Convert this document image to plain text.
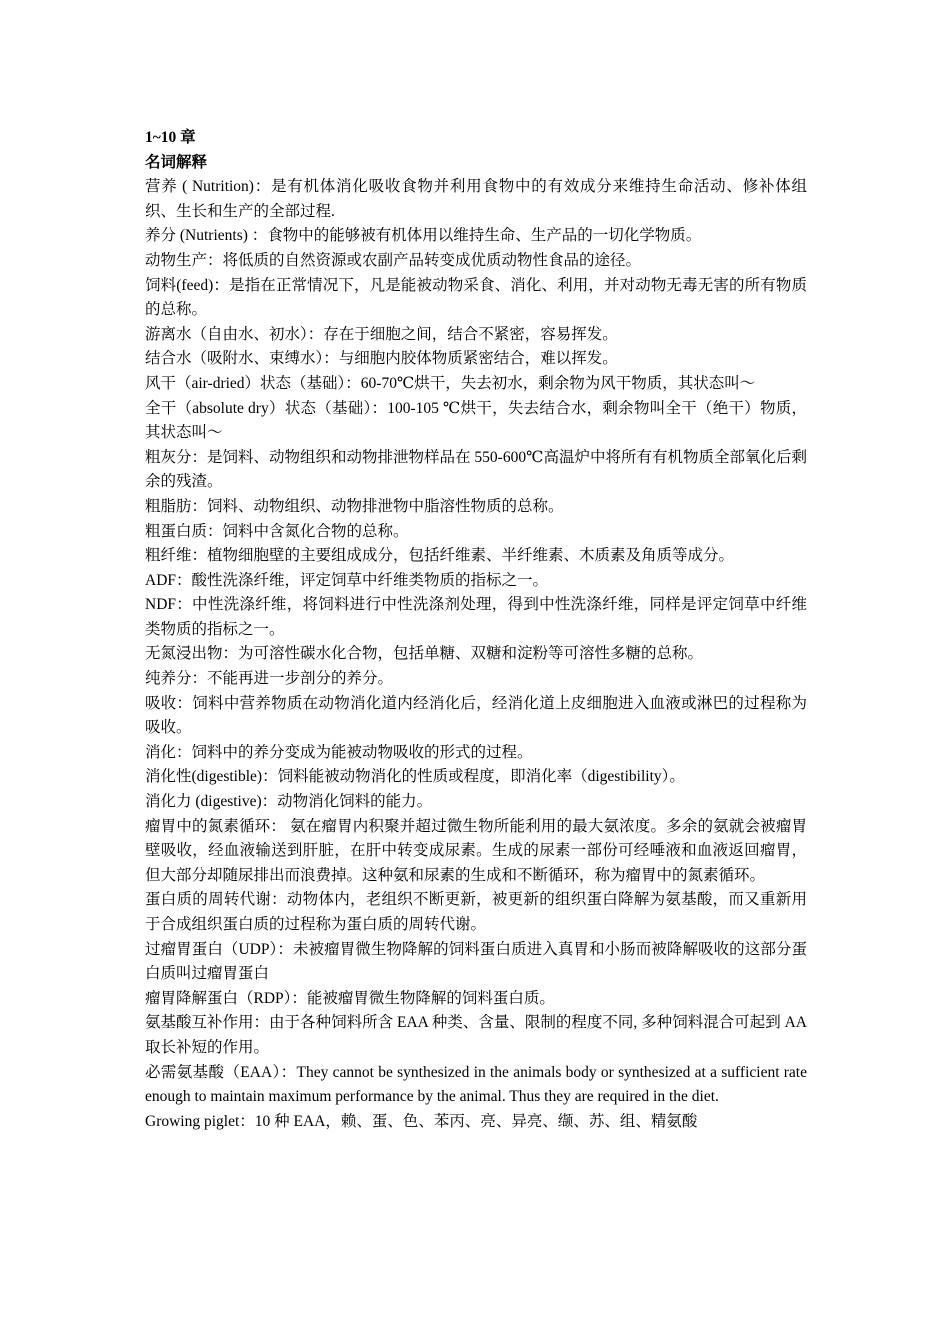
1~10 章

名词解释

营养 ( Nutrition)：是有机体消化吸收食物并利用食物中的有效成分来维持生命活动、修补体组织、生长和生产的全部过程.

养分 (Nutrients) ：食物中的能够被有机体用以维持生命、生产品的一切化学物质。

动物生产：将低质的自然资源或农副产品转变成优质动物性食品的途径。

饲料(feed)：是指在正常情况下，凡是能被动物采食、消化、利用，并对动物无毒无害的所有物质的总称。

游离水（自由水、初水）：存在于细胞之间，结合不紧密，容易挥发。

结合水（吸附水、束缚水）：与细胞内胶体物质紧密结合，难以挥发。

风干（air-dried）状态（基础）：60-70℃烘干，失去初水，剩余物为风干物质，其状态叫～

全干（absolute dry）状态（基础）：100-105 ℃烘干，失去结合水，剩余物叫全干（绝干）物质，其状态叫～

粗灰分：是饲料、动物组织和动物排泄物样品在 550-600℃高温炉中将所有有机物质全部氧化后剩余的残渣。

粗脂肪：饲料、动物组织、动物排泄物中脂溶性物质的总称。

粗蛋白质：饲料中含氮化合物的总称。

粗纤维：植物细胞壁的主要组成成分，包括纤维素、半纤维素、木质素及角质等成分。

ADF：酸性洗涤纤维，评定饲草中纤维类物质的指标之一。

NDF：中性洗涤纤维，将饲料进行中性洗涤剂处理，得到中性洗涤纤维，同样是评定饲草中纤维类物质的指标之一。

无氮浸出物：为可溶性碳水化合物，包括单糖、双糖和淀粉等可溶性多糖的总称。

纯养分：不能再进一步剖分的养分。

吸收：饲料中营养物质在动物消化道内经消化后，经消化道上皮细胞进入血液或淋巴的过程称为吸收。

消化：饲料中的养分变成为能被动物吸收的形式的过程。

消化性(digestible)：饲料能被动物消化的性质或程度，即消化率（digestibility）。

消化力 (digestive)：动物消化饲料的能力。

瘤胃中的氮素循环： 氨在瘤胃内积聚并超过微生物所能利用的最大氨浓度。多余的氨就会被瘤胃壁吸收，经血液输送到肝脏，在肝中转变成尿素。生成的尿素一部份可经唾液和血液返回瘤胃，但大部分却随尿排出而浪费掉。这种氨和尿素的生成和不断循环，称为瘤胃中的氮素循环。

蛋白质的周转代谢：动物体内，老组织不断更新，被更新的组织蛋白降解为氨基酸，而又重新用于合成组织蛋白质的过程称为蛋白质的周转代谢。

过瘤胃蛋白（UDP）：未被瘤胃微生物降解的饲料蛋白质进入真胃和小肠而被降解吸收的这部分蛋白质叫过瘤胃蛋白

瘤胃降解蛋白（RDP）：能被瘤胃微生物降解的饲料蛋白质。

氨基酸互补作用：由于各种饲料所含 EAA 种类、含量、限制的程度不同, 多种饲料混合可起到 AA 取长补短的作用。

必需氨基酸（EAA）：They cannot be synthesized in the animals body or synthesized at a sufficient rate enough to maintain maximum performance by the animal. Thus they are required in the diet.

Growing piglet：10 种 EAA，赖、蛋、色、苯丙、亮、异亮、缬、苏、组、精氨酸
